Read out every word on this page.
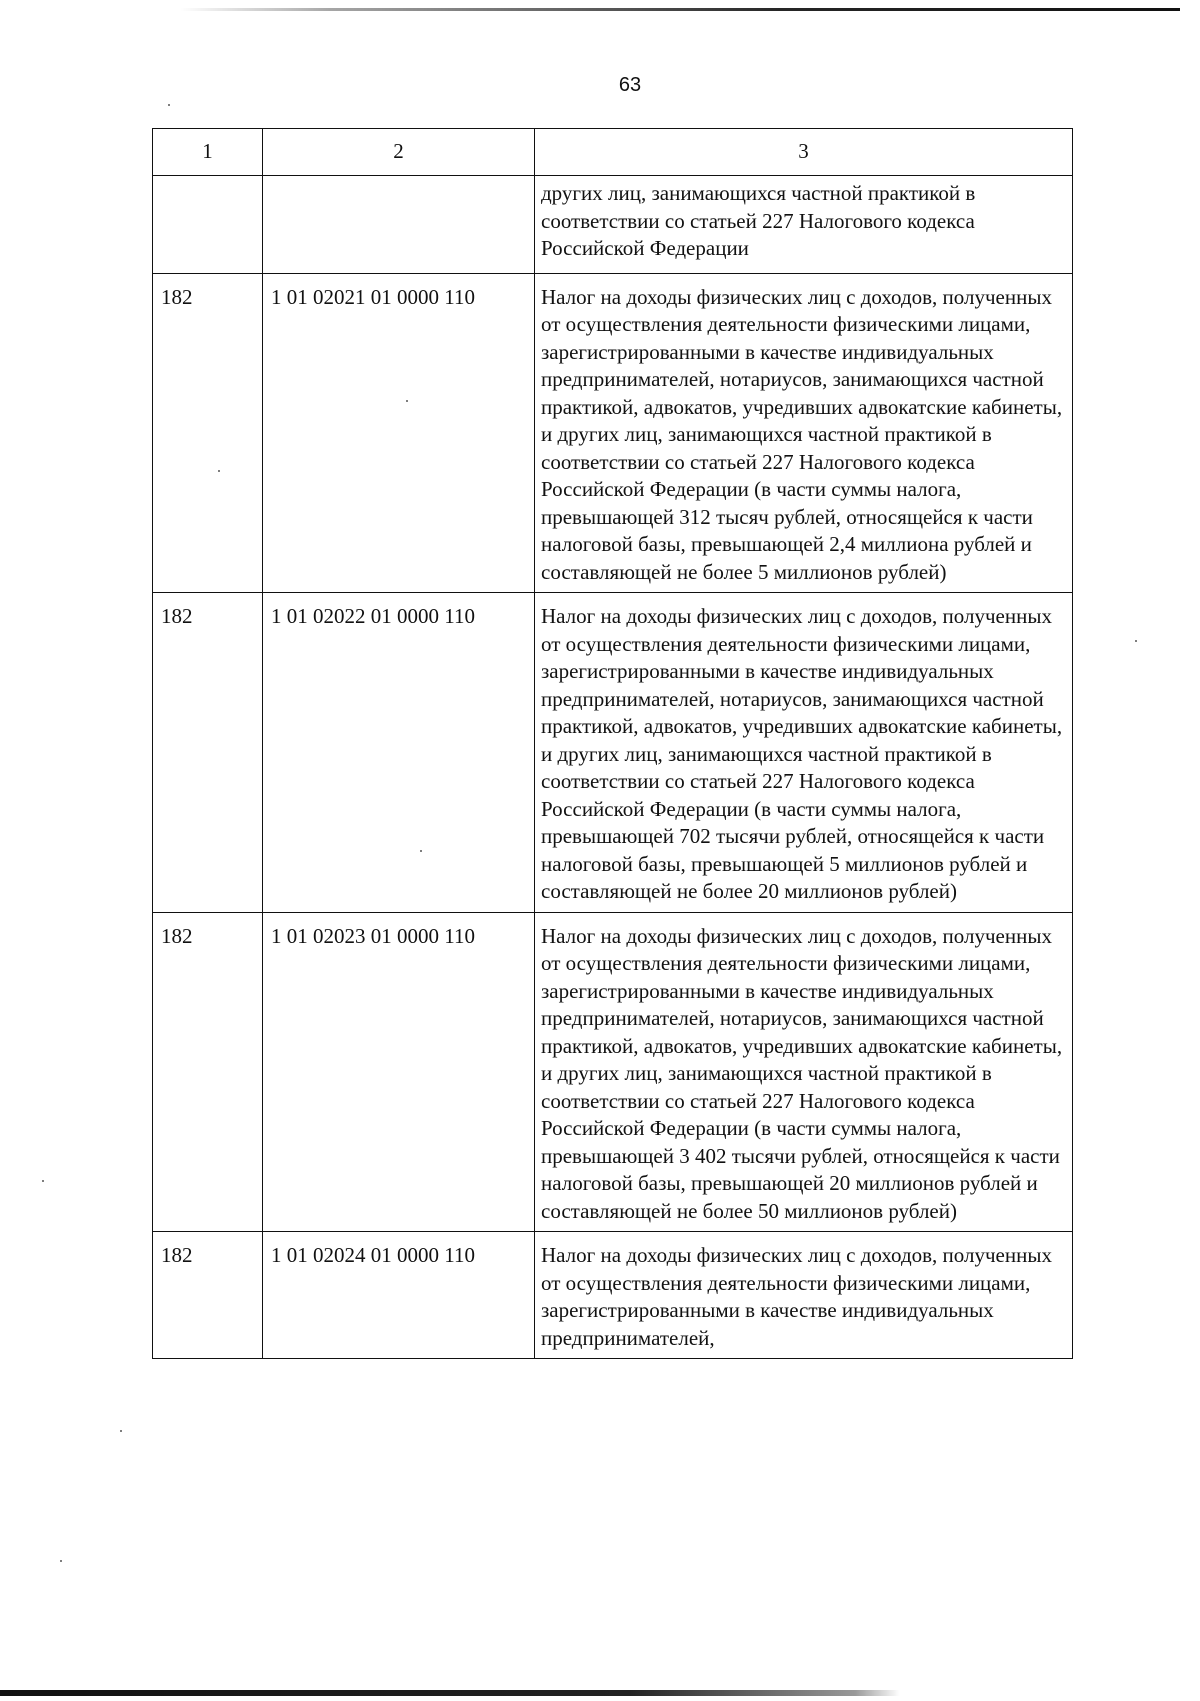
63
1	2	3
		других лиц, занимающихся частной практикой в соответствии со статьей 227 Налогового кодекса Российской Федерации
182	1 01 02021 01 0000 110	Налог на доходы физических лиц с доходов, полученных от осуществления деятельности физическими лицами, зарегистрированными в качестве индивидуальных предпринимателей, нотариусов, занимающихся частной практикой, адвокатов, учредивших адвокатские кабинеты, и других лиц, занимающихся частной практикой в соответствии со статьей 227 Налогового кодекса Российской Федерации (в части суммы налога, превышающей 312 тысяч рублей, относящейся к части налоговой базы, превышающей 2,4 миллиона рублей и составляющей не более 5 миллионов рублей)
182	1 01 02022 01 0000 110	Налог на доходы физических лиц с доходов, полученных от осуществления деятельности физическими лицами, зарегистрированными в качестве индивидуальных предпринимателей, нотариусов, занимающихся частной практикой, адвокатов, учредивших адвокатские кабинеты, и других лиц, занимающихся частной практикой в соответствии со статьей 227 Налогового кодекса Российской Федерации (в части суммы налога, превышающей 702 тысячи рублей, относящейся к части налоговой базы, превышающей 5 миллионов рублей и составляющей не более 20 миллионов рублей)
182	1 01 02023 01 0000 110	Налог на доходы физических лиц с доходов, полученных от осуществления деятельности физическими лицами, зарегистрированными в качестве индивидуальных предпринимателей, нотариусов, занимающихся частной практикой, адвокатов, учредивших адвокатские кабинеты, и других лиц, занимающихся частной практикой в соответствии со статьей 227 Налогового кодекса Российской Федерации (в части суммы налога, превышающей 3 402 тысячи рублей, относящейся к части налоговой базы, превышающей 20 миллионов рублей и составляющей не более 50 миллионов рублей)
182	1 01 02024 01 0000 110	Налог на доходы физических лиц с доходов, полученных от осуществления деятельности физическими лицами, зарегистрированными в качестве индивидуальных предпринимателей,
